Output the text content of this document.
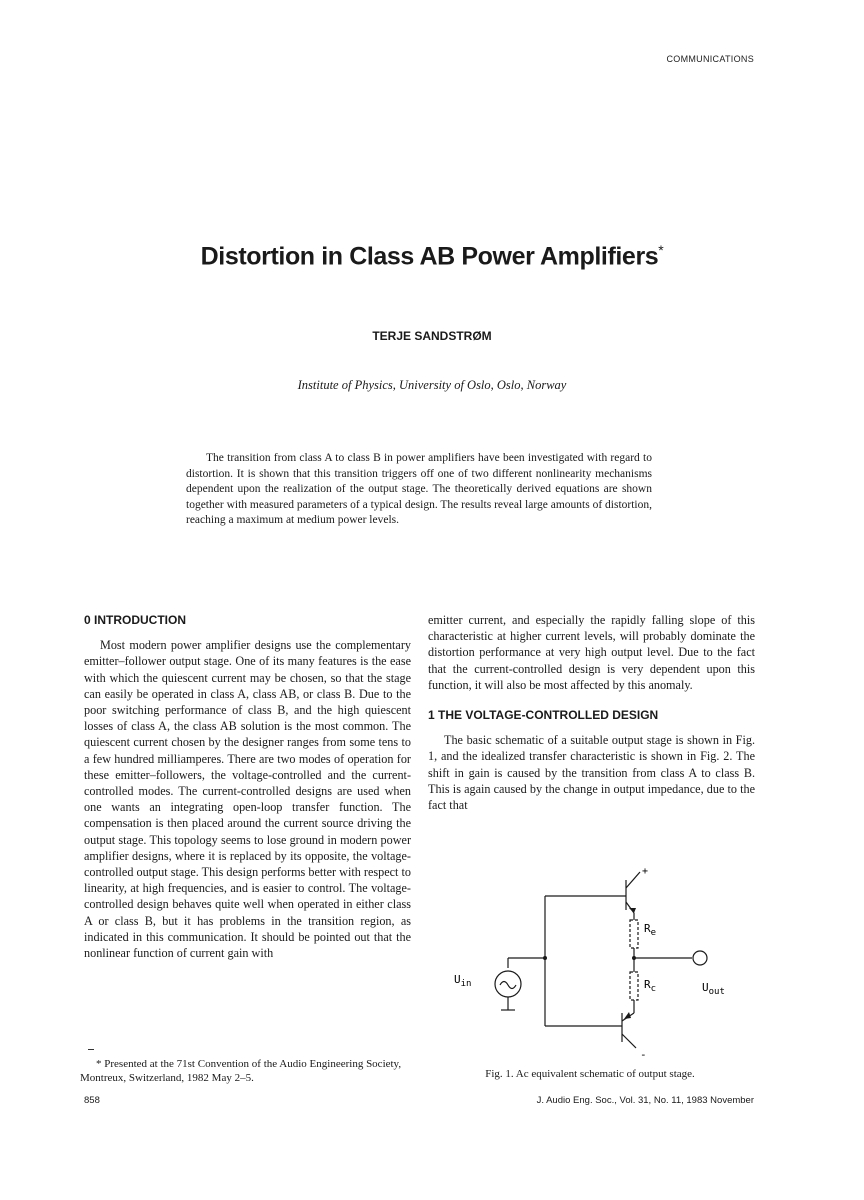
COMMUNICATIONS
Distortion in Class AB Power Amplifiers*
TERJE SANDSTRØM
Institute of Physics, University of Oslo, Oslo, Norway
The transition from class A to class B in power amplifiers have been investigated with regard to distortion. It is shown that this transition triggers off one of two different nonlinearity mechanisms dependent upon the realization of the output stage. The theoretically derived equations are shown together with measured parameters of a typical design. The results reveal large amounts of distortion, reaching a maximum at medium power levels.
0 INTRODUCTION

Most modern power amplifier designs use the complementary emitter–follower output stage. One of its many features is the ease with which the quiescent current may be chosen, so that the stage can easily be operated in class A, class AB, or class B. Due to the poor switching performance of class B, and the high quiescent losses of class A, the class AB solution is the most common. The quiescent current chosen by the designer ranges from some tens to a few hundred milliamperes. There are two modes of operation for these emitter–followers, the voltage-controlled and the current-controlled modes. The current-controlled designs are used when one wants an integrating open-loop transfer function. The compensation is then placed around the current source driving the output stage. This topology seems to lose ground in modern power amplifier designs, where it is replaced by its opposite, the voltage-controlled output stage. This design performs better with respect to linearity, at high frequencies, and is easier to control. The voltage-controlled design behaves quite well when operated in either class A or class B, but it has problems in the transition region, as indicated in this communication. It should be pointed out that the nonlinear function of current gain with

emitter current, and especially the rapidly falling slope of this characteristic at higher current levels, will probably dominate the distortion performance at very high output level. Due to the fact that the current-controlled design is very dependent upon this function, it will also be most affected by this anomaly.

1 THE VOLTAGE-CONTROLLED DESIGN

The basic schematic of a suitable output stage is shown in Fig. 1, and the idealized transfer characteristic is shown in Fig. 2. The shift in gain is caused by the transition from class A to class B. This is again caused by the change in output impedance, due to the fact that

+
-
$R_e$
$R_c$
$U_{in}$	$U_{out}$
* Presented at the 71st Convention of the Audio Engineering Society, Montreux, Switzerland, 1982 May 2–5.	Fig. 1. Ac equivalent schematic of output stage.
858	J. Audio Eng. Soc., Vol. 31, No. 11, 1983 November
